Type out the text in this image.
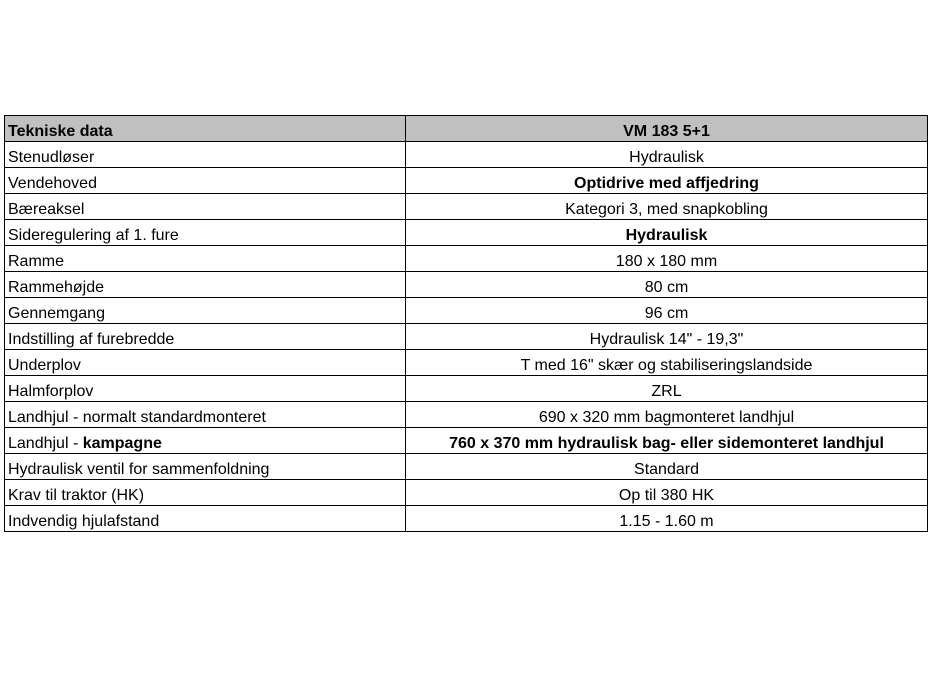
Tekniske data	VM 183 5+1
Stenudløser	Hydraulisk
Vendehoved	Optidrive med affjedring
Bæreaksel	Kategori 3, med snapkobling
Sideregulering af 1. fure	Hydraulisk
Ramme	180 x 180 mm
Rammehøjde	80 cm
Gennemgang	96 cm
Indstilling af furebredde	Hydraulisk 14" - 19,3"
Underplov	T med 16" skær og stabiliseringslandside
Halmforplov	ZRL
Landhjul - normalt standardmonteret	690 x 320 mm bagmonteret landhjul
Landhjul - kampagne	760 x 370 mm hydraulisk bag- eller sidemonteret landhjul
Hydraulisk ventil for sammenfoldning	Standard
Krav til traktor (HK)	Op til 380 HK
Indvendig hjulafstand	1.15 - 1.60 m
